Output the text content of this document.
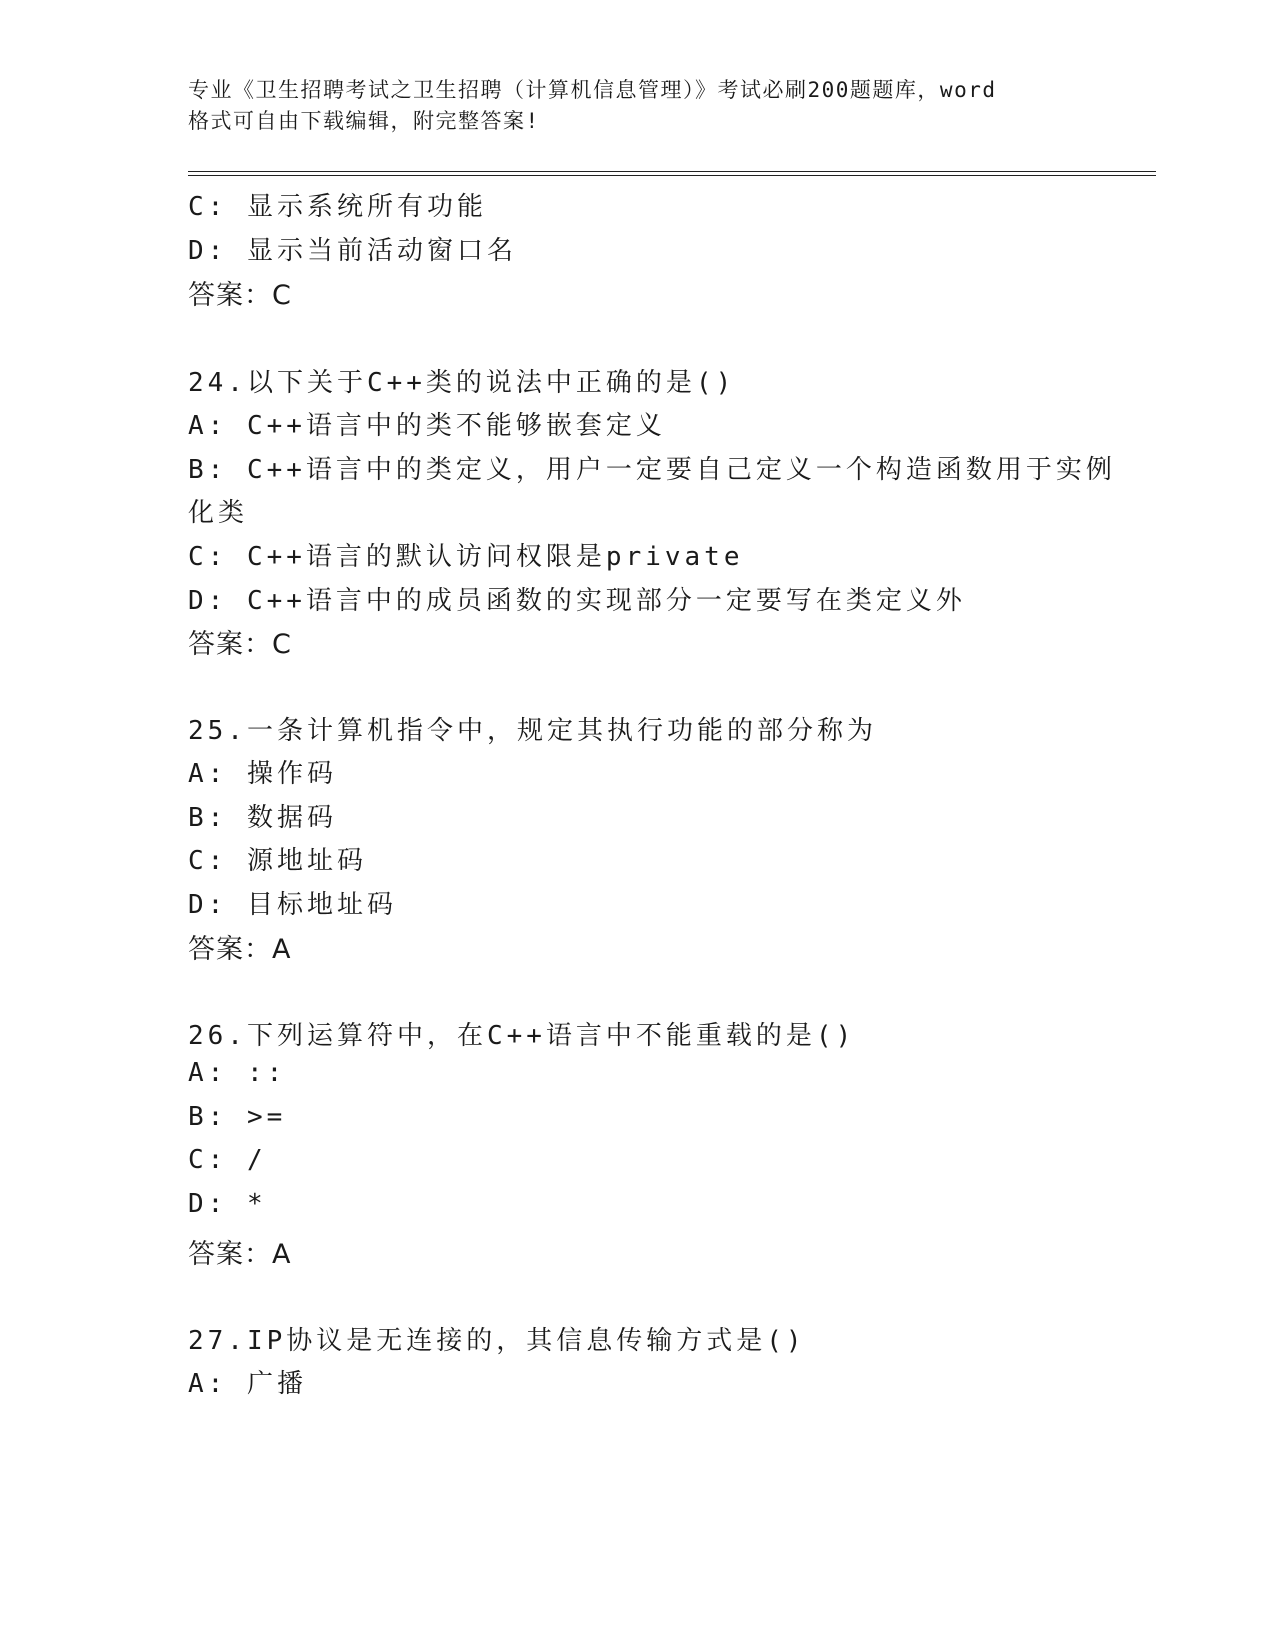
专业《卫生招聘考试之卫生招聘（计算机信息管理）》考试必刷200题题库，word
格式可自由下载编辑，附完整答案!
C: 显示系统所有功能
D: 显示当前活动窗口名
答案：C
24.以下关于C++类的说法中正确的是()
A: C++语言中的类不能够嵌套定义
B: C++语言中的类定义，用户一定要自己定义一个构造函数用于实例
化类
C: C++语言的默认访问权限是private
D: C++语言中的成员函数的实现部分一定要写在类定义外
答案：C
25.一条计算机指令中，规定其执行功能的部分称为
A: 操作码
B: 数据码
C: 源地址码
D: 目标地址码
答案：A
26.下列运算符中，在C++语言中不能重载的是()
A: ::
B: >=
C: /
D: *
答案：A
27.IP协议是无连接的，其信息传输方式是()
A: 广播
